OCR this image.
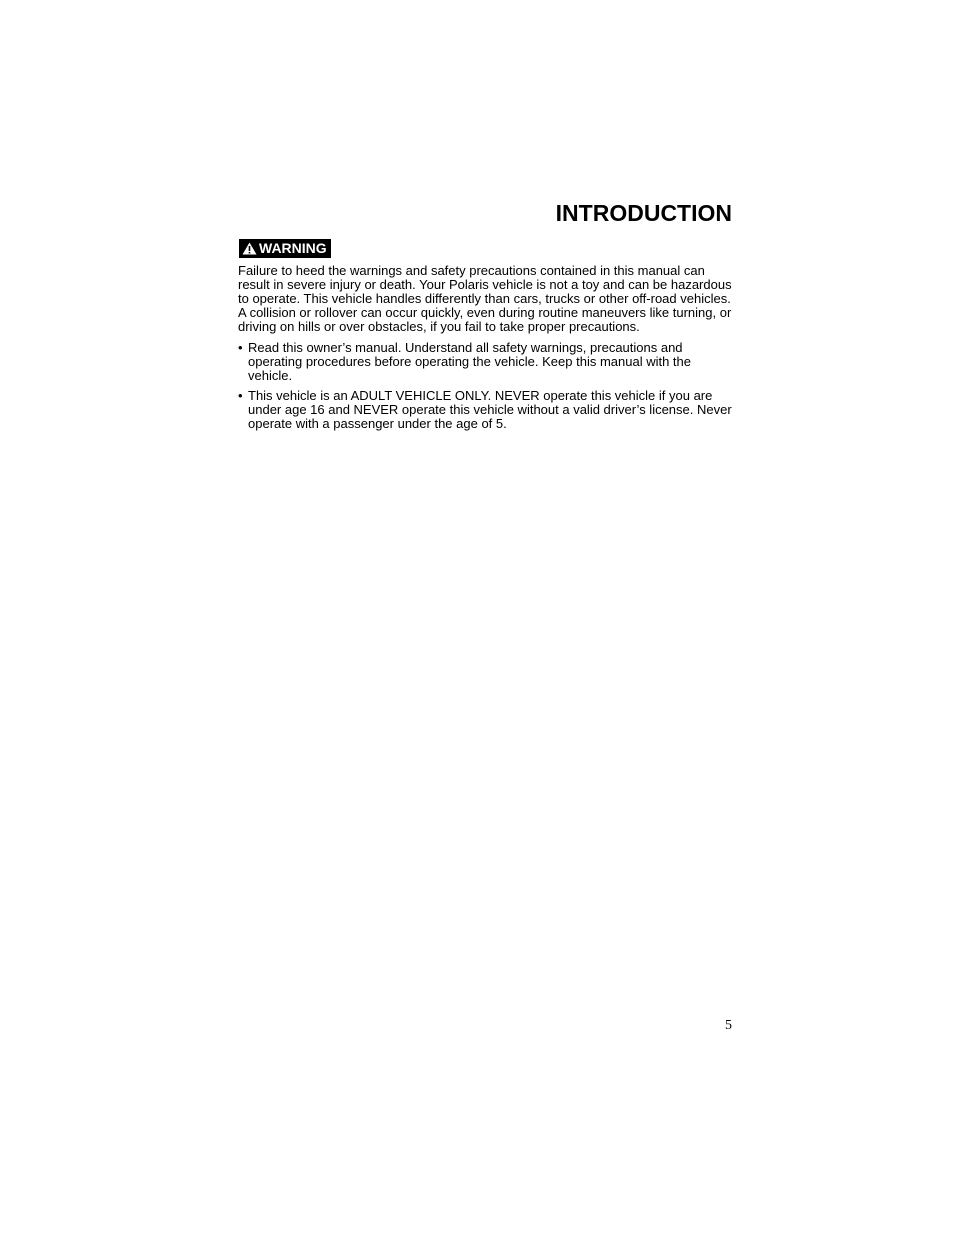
INTRODUCTION
WARNING

Failure to heed the warnings and safety precautions contained in this manual can result in severe injury or death. Your Polaris vehicle is not a toy and can be hazardous to operate. This vehicle handles differently than cars, trucks or other off-road vehicles. A collision or rollover can occur quickly, even during routine maneuvers like turning, or driving on hills or over obstacles, if you fail to take proper precautions.

• Read this owner’s manual. Understand all safety warnings, precautions and operating procedures before operating the vehicle. Keep this manual with the vehicle.
• This vehicle is an ADULT VEHICLE ONLY. NEVER operate this vehicle if you are under age 16 and NEVER operate this vehicle without a valid driver’s license. Never operate with a passenger under the age of 5.
5
